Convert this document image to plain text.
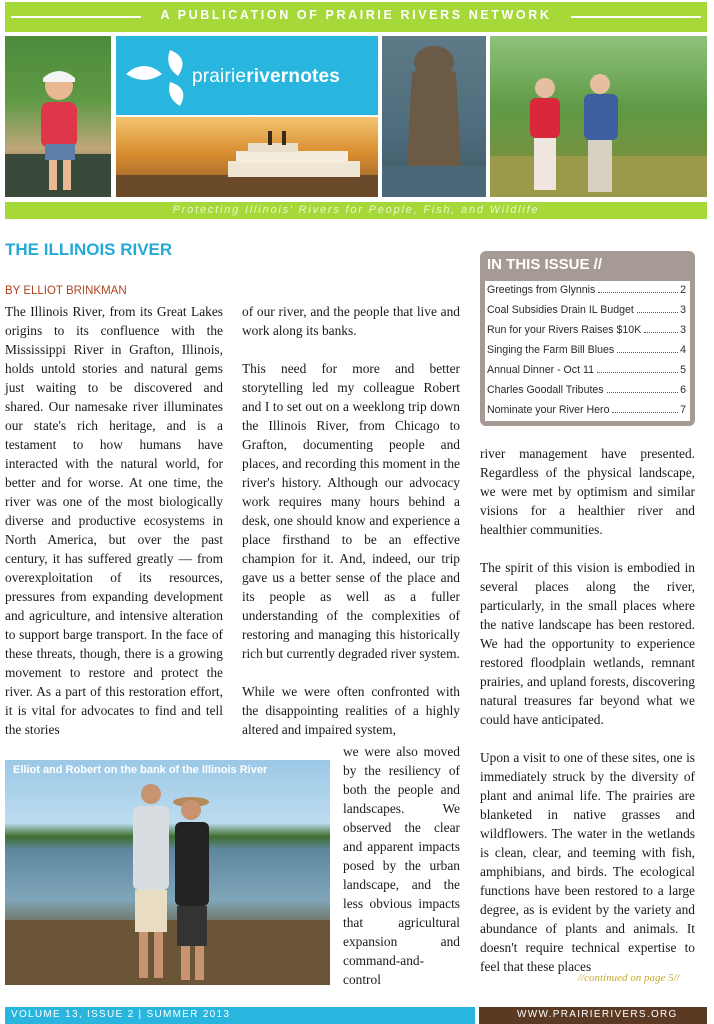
A PUBLICATION OF PRAIRIE RIVERS NETWORK
prairierivernotes
Protecting Illinois' Rivers for People, Fish, and Wildlife
THE ILLINOIS RIVER
BY ELLIOT BRINKMAN

The Illinois River, from its Great Lakes origins to its confluence with the Mississippi River in Grafton, Illinois, holds untold stories and natural gems just waiting to be discovered and shared. Our namesake river illuminates our state's rich heritage, and is a testament to how humans have interacted with the natural world, for better and for worse. At one time, the river was one of the most biologically diverse and productive ecosystems in North America, but over the past century, it has suffered greatly — from overexploitation of its resources, pressures from expanding development and agriculture, and intensive alteration to support barge transport. In the face of these threats, though, there is a growing movement to restore and protect the river. As a part of this restoration effort, it is vital for advocates to find and tell the stories

of our river, and the people that live and work along its banks.

This need for more and better storytelling led my colleague Robert and I to set out on a weeklong trip down the Illinois River, from Chicago to Grafton, documenting people and places, and recording this moment in the river's history. Although our advocacy work requires many hours behind a desk, one should know and experience a place firsthand to be an effective champion for it. And, indeed, our trip gave us a better sense of the place and its people as well as a fuller understanding of the complexities of restoring and managing this historically rich but currently degraded river system.

While we were often confronted with the disappointing realities of a highly altered and impaired system,

we were also moved by the resiliency of both the people and landscapes. We observed the clear and apparent impacts posed by the urban landscape, and the less obvious impacts that agricultural expansion and command-and-control

IN THIS ISSUE //
Greetings from Glynnis	2
Coal Subsidies Drain IL Budget	3
Run for your Rivers Raises $10K	3
Singing the Farm Bill Blues	4
Annual Dinner - Oct 11	5
Charles Goodall Tributes	6
Nominate your River Hero	7

river management have presented. Regardless of the physical landscape, we were met by optimism and similar visions for a healthier river and healthier communities.

The spirit of this vision is embodied in several places along the river, particularly, in the small places where the native landscape has been restored. We had the opportunity to experience restored floodplain wetlands, remnant prairies, and upland forests, discovering natural treasures far beyond what we could have anticipated.

Upon a visit to one of these sites, one is immediately struck by the diversity of plant and animal life. The prairies are blanketed in native grasses and wildflowers. The water in the wetlands is clean, clear, and teeming with fish, amphibians, and birds. The ecological functions have been restored to a large degree, as is evident by the variety and abundance of plants and animals. It doesn't require technical expertise to feel that these places

Elliot and Robert on the bank of the Illinois River
//continued on page 5//
VOLUME 13, ISSUE 2 | SUMMER 2013	WWW.PRAIRIERIVERS.ORG
